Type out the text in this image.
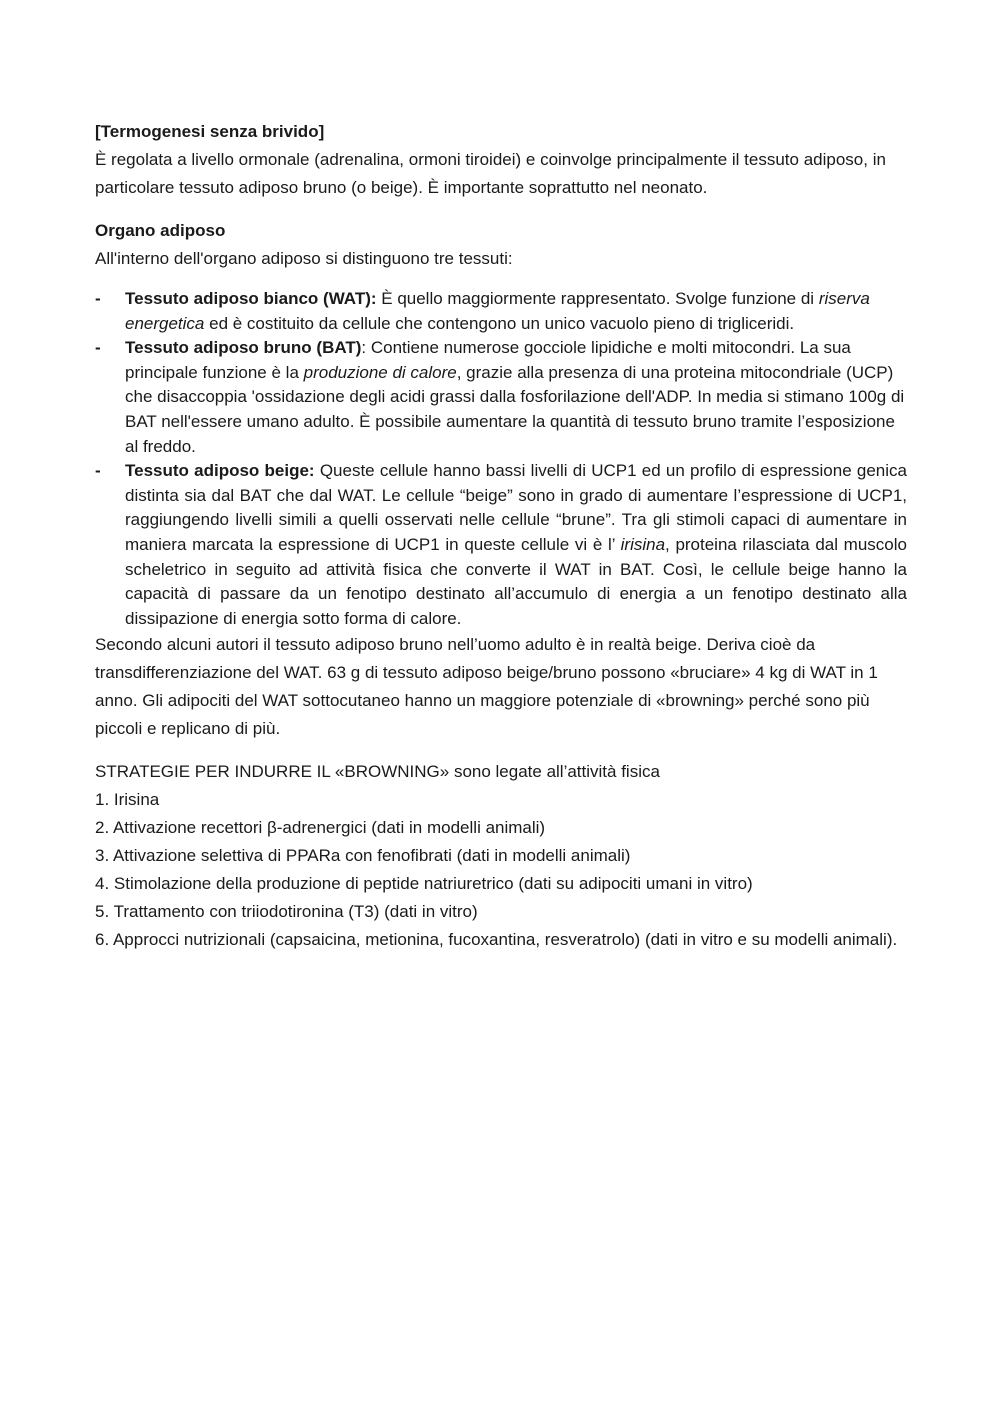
[Termogenesi senza brivido]

È regolata a livello ormonale (adrenalina, ormoni tiroidei) e coinvolge principalmente il tessuto adiposo, in particolare tessuto adiposo bruno (o beige). È importante soprattutto nel neonato.

Organo adiposo

All'interno dell'organo adiposo si distinguono tre tessuti:

- Tessuto adiposo bianco (WAT): È quello maggiormente rappresentato. Svolge funzione di riserva energetica ed è costituito da cellule che contengono un unico vacuolo pieno di trigliceridi.
- Tessuto adiposo bruno (BAT): Contiene numerose gocciole lipidiche e molti mitocondri. La sua principale funzione è la produzione di calore, grazie alla presenza di una proteina mitocondriale (UCP) che disaccoppia 'ossidazione degli acidi grassi dalla fosforilazione dell'ADP. In media si stimano 100g di BAT nell'essere umano adulto. È possibile aumentare la quantità di tessuto bruno tramite l’esposizione al freddo.
- Tessuto adiposo beige: Queste cellule hanno bassi livelli di UCP1 ed un profilo di espressione genica distinta sia dal BAT che dal WAT. Le cellule “beige” sono in grado di aumentare l’espressione di UCP1, raggiungendo livelli simili a quelli osservati nelle cellule “brune”. Tra gli stimoli capaci di aumentare in maniera marcata la espressione di UCP1 in queste cellule vi è l’ irisina, proteina rilasciata dal muscolo scheletrico in seguito ad attività fisica che converte il WAT in BAT. Così, le cellule beige hanno la capacità di passare da un fenotipo destinato all’accumulo di energia a un fenotipo destinato alla dissipazione di energia sotto forma di calore.

Secondo alcuni autori il tessuto adiposo bruno nell’uomo adulto è in realtà beige. Deriva cioè da transdifferenziazione del WAT. 63 g di tessuto adiposo beige/bruno possono «bruciare» 4 kg di WAT in 1 anno. Gli adipociti del WAT sottocutaneo hanno un maggiore potenziale di «browning» perché sono più piccoli e replicano di più.

STRATEGIE PER INDURRE IL «BROWNING» sono legate all’attività fisica

1. Irisina

2. Attivazione recettori β-adrenergici (dati in modelli animali)

3. Attivazione selettiva di PPARa con fenofibrati (dati in modelli animali)

4. Stimolazione della produzione di peptide natriuretrico (dati su adipociti umani in vitro)

5. Trattamento con triiodotironina (T3) (dati in vitro)

6. Approcci nutrizionali (capsaicina, metionina, fucoxantina, resveratrolo) (dati in vitro e su modelli animali).
